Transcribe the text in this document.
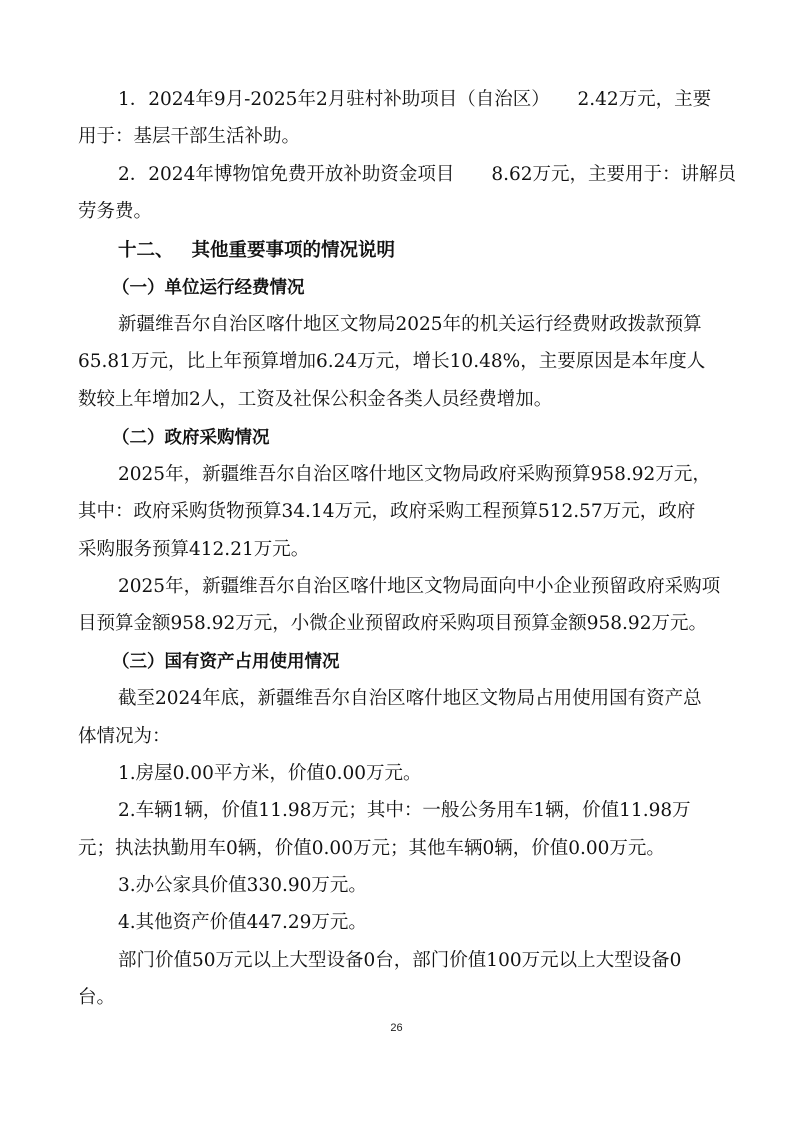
1．2024年9月-2025年2月驻村补助项目（自治区）　　2.42万元，主要
用于：基层干部生活补助。
2．2024年博物馆免费开放补助资金项目　　8.62万元，主要用于：讲解员
劳务费。
十二、 其他重要事项的情况说明
（一）单位运行经费情况
新疆维吾尔自治区喀什地区文物局2025年的机关运行经费财政拨款预算
65.81万元，比上年预算增加6.24万元，增长10.48%，主要原因是本年度人
数较上年增加2人，工资及社保公积金各类人员经费增加。
（二）政府采购情况
2025年，新疆维吾尔自治区喀什地区文物局政府采购预算958.92万元，
其中：政府采购货物预算34.14万元，政府采购工程预算512.57万元，政府
采购服务预算412.21万元。
2025年，新疆维吾尔自治区喀什地区文物局面向中小企业预留政府采购项
目预算金额958.92万元，小微企业预留政府采购项目预算金额958.92万元。
（三）国有资产占用使用情况
截至2024年底，新疆维吾尔自治区喀什地区文物局占用使用国有资产总
体情况为：
1.房屋0.00平方米，价值0.00万元。
2.车辆1辆，价值11.98万元；其中：一般公务用车1辆，价值11.98万
元；执法执勤用车0辆，价值0.00万元；其他车辆0辆，价值0.00万元。
3.办公家具价值330.90万元。
4.其他资产价值447.29万元。
部门价值50万元以上大型设备0台，部门价值100万元以上大型设备0
台。
26
